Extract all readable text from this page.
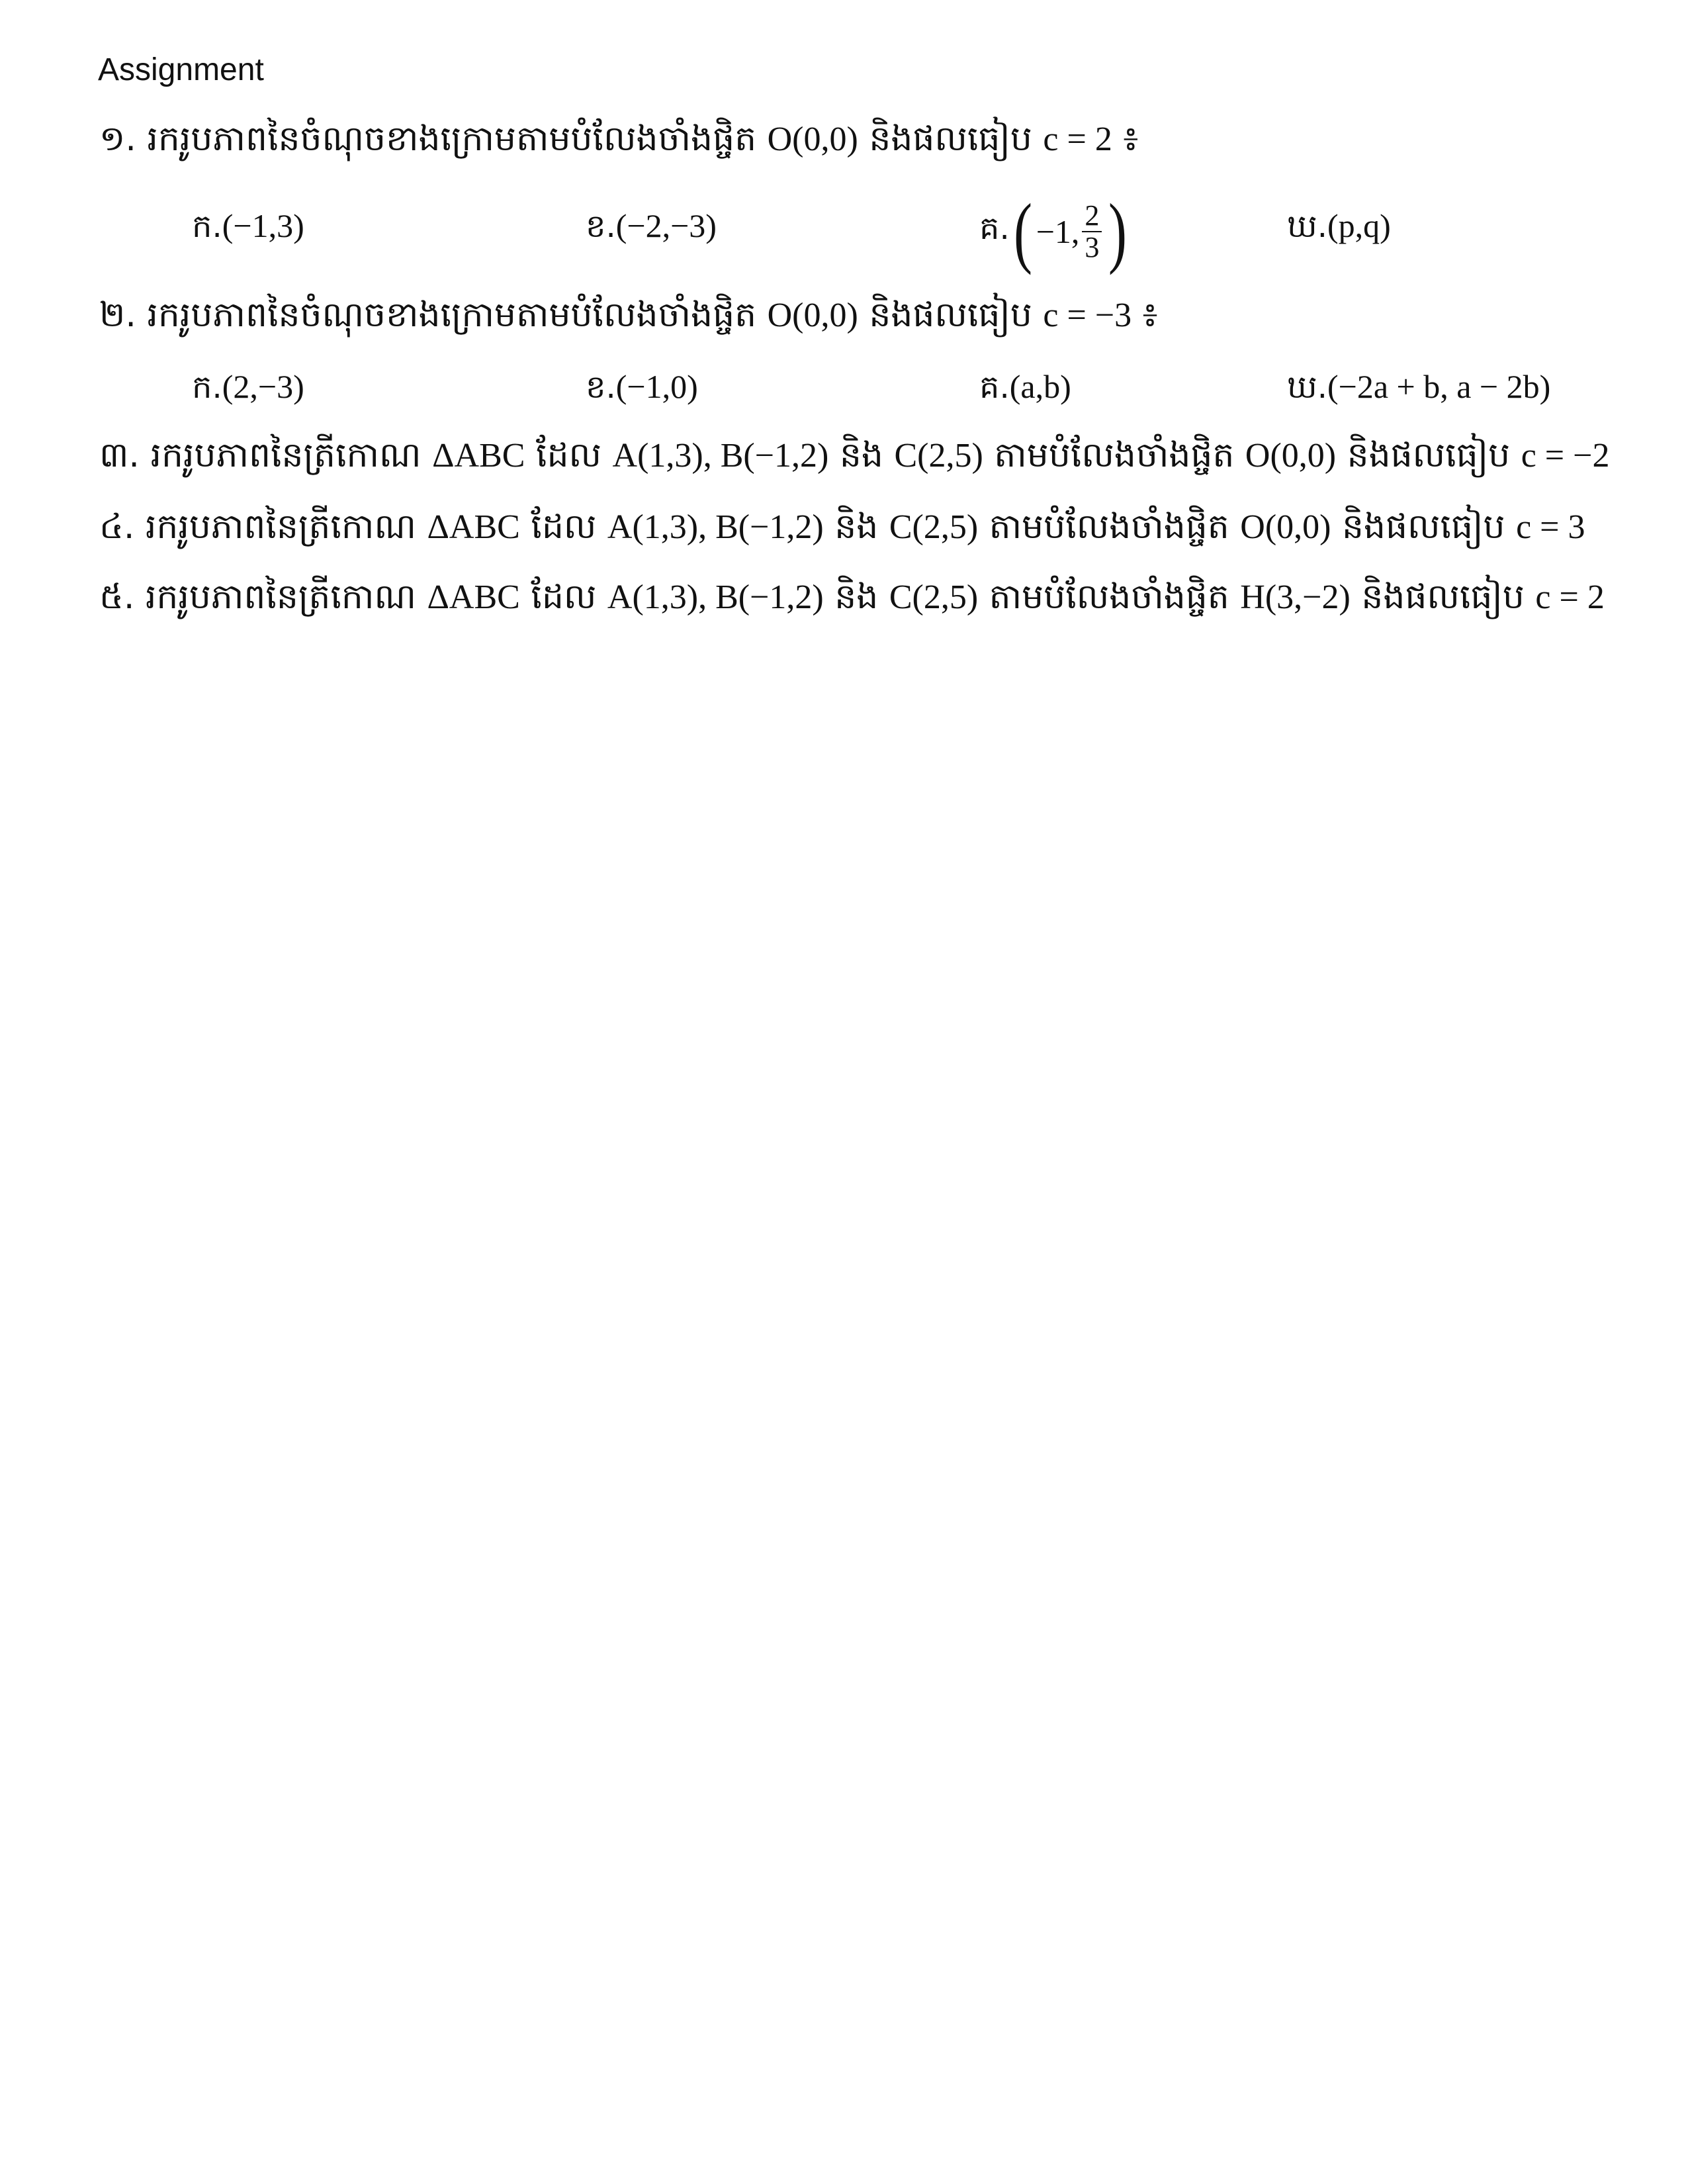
Assignment
១. រករូបភាពនៃចំណុចខាងក្រោមតាមបំលែងចាំងផ្ចិត O(0,0) និងផលធៀប c = 2 ៖
ក.(−1,3)	ខ.(−2,−3)	គ. ( −1, $\frac{2}{3}$ )	ឃ.(p,q)
២. រករូបភាពនៃចំណុចខាងក្រោមតាមបំលែងចាំងផ្ចិត O(0,0) និងផលធៀប c = −3 ៖
ក.(2,−3)	ខ.(−1,0)	គ.(a,b)	ឃ.(−2a + b, a − 2b)
៣. រករូបភាពនៃត្រីកោណ ΔABC ដែល A(1,3), B(−1,2) និង C(2,5) តាមបំលែងចាំងផ្ចិត O(0,0) និងផលធៀប c = −2
៤. រករូបភាពនៃត្រីកោណ ΔABC ដែល A(1,3), B(−1,2) និង C(2,5) តាមបំលែងចាំងផ្ចិត O(0,0) និងផលធៀប c = 3
៥. រករូបភាពនៃត្រីកោណ ΔABC ដែល A(1,3), B(−1,2) និង C(2,5) តាមបំលែងចាំងផ្ចិត H(3,−2) និងផលធៀប c = 2
